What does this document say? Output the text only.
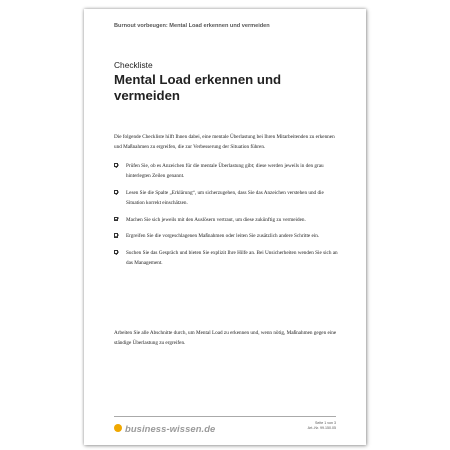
Burnout vorbeugen: Mental Load erkennen und vermeiden
Checkliste
Mental Load erkennen und vermeiden

Die folgende Checkliste hilft Ihnen dabei, eine mentale Überlastung bei Ihren Mitarbeitenden zu erkennen und Maßnahmen zu ergreifen, die zur Verbesserung der Situation führen.

Prüfen Sie, ob es Anzeichen für die mentale Überlastung gibt; diese werden jeweils in den grau hinterlegten Zeilen genannt.
Lesen Sie die Spalte „Erklärung“, um sicherzugehen, dass Sie das Anzeichen verstehen und die Situation korrekt einschätzen.
Machen Sie sich jeweils mit den Auslösern vertraut, um diese zukünftig zu vermeiden.
Ergreifen Sie die vorgeschlagenen Maßnahmen oder leiten Sie zusätzlich andere Schritte ein.
Suchen Sie das Gespräch und bieten Sie explizit Ihre Hilfe an. Bei Unsicherheiten wenden Sie sich an das Management.

Arbeiten Sie alle Abschnitte durch, um Mental Load zu erkennen und, wenn nötig, Maßnahmen gegen eine ständige Überlastung zu ergreifen.

business-wissen.de	Seite 1 von 3
Art.-Nr. 99.150.05
